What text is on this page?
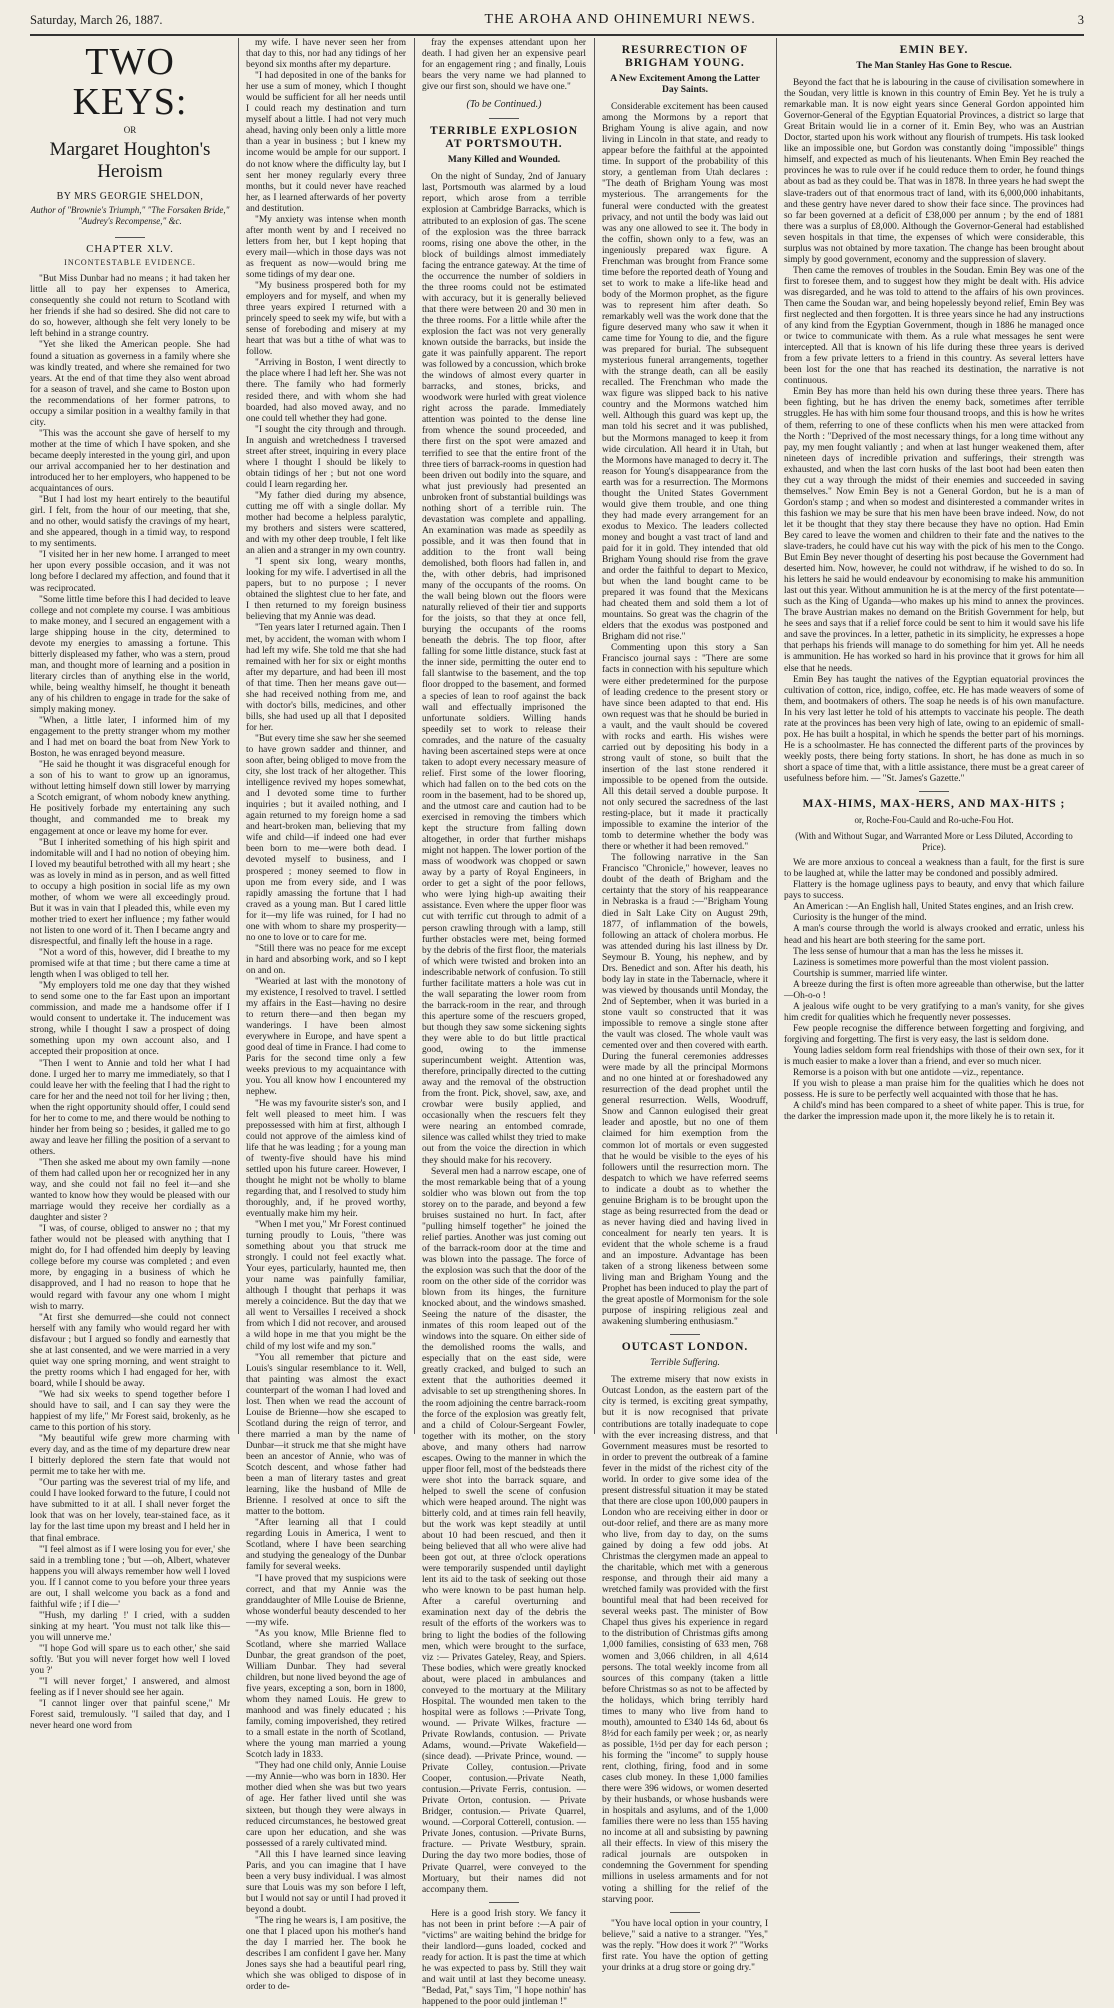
Saturday, March 26, 1887.	THE AROHA AND OHINEMURI NEWS.	3
TWO KEYS:
OR
Margaret Houghton's Heroism
BY MRS GEORGIE SHELDON,
Author of "Brownie's Triumph," "The Forsaken Bride," "Audrey's Recompense," &c.
CHAPTER XLV.
INCONTESTABLE EVIDENCE.

"But Miss Dunbar had no means ; it had taken her little all to pay her expenses to America, consequently she could not return to Scotland with her friends if she had so desired. She did not care to do so, however, although she felt very lonely to be left behind in a strange country.

"Yet she liked the American people. She had found a situation as governess in a family where she was kindly treated, and where she remained for two years. At the end of that time they also went abroad for a season of travel, and she came to Boston upon the recommendations of her former patrons, to occupy a similar position in a wealthy family in that city.

"This was the account she gave of herself to my mother at the time of which I have spoken, and she became deeply interested in the young girl, and upon our arrival accompanied her to her destination and introduced her to her employers, who happened to be acquaintances of ours.

"But I had lost my heart entirely to the beautiful girl. I felt, from the hour of our meeting, that she, and no other, would satisfy the cravings of my heart, and she appeared, though in a timid way, to respond to my sentiments.

"I visited her in her new home. I arranged to meet her upon every possible occasion, and it was not long before I declared my affection, and found that it was reciprocated.

"Some little time before this I had decided to leave college and not complete my course. I was ambitious to make money, and I secured an engagement with a large shipping house in the city, determined to devote my energies to amassing a fortune. This bitterly displeased my father, who was a stern, proud man, and thought more of learning and a position in literary circles than of anything else in the world, while, being wealthy himself, he thought it beneath any of his children to engage in trade for the sake of simply making money.

"When, a little later, I informed him of my engagement to the pretty stranger whom my mother and I had met on board the boat from New York to Boston, he was enraged beyond measure.

"He said he thought it was disgraceful enough for a son of his to want to grow up an ignoramus, without letting himself down still lower by marrying a Scotch emigrant, of whom nobody knew anything. He positively forbade my entertaining any such thought, and commanded me to break my engagement at once or leave my home for ever.

"But I inherited something of his high spirit and indomitable will and I had no notion of obeying him. I loved my beautiful betrothed with all my heart ; she was as lovely in mind as in person, and as well fitted to occupy a high position in social life as my own mother, of whom we were all exceedingly proud. But it was in vain that I pleaded this, while even my mother tried to exert her influence ; my father would not listen to one word of it. Then I became angry and disrespectful, and finally left the house in a rage.

"Not a word of this, however, did I breathe to my promised wife at that time ; but there came a time at length when I was obliged to tell her.

"My employers told me one day that they wished to send some one to the far East upon an important commission, and made me a handsome offer if I would consent to undertake it. The inducement was strong, while I thought I saw a prospect of doing something upon my own account also, and I accepted their proposition at once.

"Then I went to Annie and told her what I had done. I urged her to marry me immediately, so that I could leave her with the feeling that I had the right to care for her and the need not toil for her living ; then, when the right opportunity should offer, I could send for her to come to me, and there would be nothing to hinder her from being so ; besides, it galled me to go away and leave her filling the position of a servant to others.

"Then she asked me about my own family —none of them had called upon her or recognized her in any way, and she could not fail no feel it—and she wanted to know how they would be pleased with our marriage would they receive her cordially as a daughter and sister ?

"I was, of course, obliged to answer no ; that my father would not be pleased with anything that I might do, for I had offended him deeply by leaving college before my course was completed ; and even more, by engaging in a business of which he disapproved, and I had no reason to hope that he would regard with favour any one whom I might wish to marry.

"At first she demurred—she could not connect herself with any family who would regard her with disfavour ; but I argued so fondly and earnestly that she at last consented, and we were married in a very quiet way one spring morning, and went straight to the pretty rooms which I had engaged for her, with board, while I should be away.

"We had six weeks to spend together before I should have to sail, and I can say they were the happiest of my life," Mr Forest said, brokenly, as he came to this portion of his story.

"My beautiful wife grew more charming with every day, and as the time of my departure drew near I bitterly deplored the stern fate that would not permit me to take her with me.

"Our parting was the severest trial of my life, and could I have looked forward to the future, I could not have submitted to it at all. I shall never forget the look that was on her lovely, tear-stained face, as it lay for the last time upon my breast and I held her in that final embrace.

"'I feel almost as if I were losing you for ever,' she said in a trembling tone ; 'but —oh, Albert, whatever happens you will always remember how well I loved you. If I cannot come to you before your three years are out, I shall welcome you back as a fond and faithful wife ; if I die—'

"'Hush, my darling !' I cried, with a sudden sinking at my heart. 'You must not talk like this—you will unnerve me.'

"'I hope God will spare us to each other,' she said softly. 'But you will never forget how well I loved you ?'

"'I will never forget,' I answered, and almost feeling as if I never should see her again.

"I cannot linger over that painful scene," Mr Forest said, tremulously. "I sailed that day, and I never heard one word from

my wife. I have never seen her from that day to this, nor had any tidings of her beyond six months after my departure.

"I had deposited in one of the banks for her use a sum of money, which I thought would be sufficient for all her needs until I could reach my destination and turn myself about a little. I had not very much ahead, having only been only a little more than a year in business ; but I knew my income would be ample for our support. I do not know where the difficulty lay, but I sent her money regularly every three months, but it could never have reached her, as I learned afterwards of her poverty and destitution.

"My anxiety was intense when month after month went by and I received no letters from her, but I kept hoping that every mail—which in those days was not as frequent as now—would bring me some tidings of my dear one.

"My business prospered both for my employers and for myself, and when my three years expired I returned with a princely speed to seek my wife, but with a sense of foreboding and misery at my heart that was but a tithe of what was to follow.

"Arriving in Boston, I went directly to the place where I had left her. She was not there. The family who had formerly resided there, and with whom she had boarded, had also moved away, and no one could tell whether they had gone.

"I sought the city through and through. In anguish and wretchedness I traversed street after street, inquiring in every place where I thought I should be likely to obtain tidings of her ; but not one word could I learn regarding her.

"My father died during my absence, cutting me off with a single dollar. My mother had become a helpless paralytic, my brothers and sisters were scattered, and with my other deep trouble, I felt like an alien and a stranger in my own country.

"I spent six long, weary months, looking for my wife. I advertised in all the papers, but to no purpose ; I never obtained the slightest clue to her fate, and I then returned to my foreign business believing that my Annie was dead.

"Ten years later I returned again. Then I met, by accident, the woman with whom I had left my wife. She told me that she had remained with her for six or eight months after my departure, and had been ill most of that time. Then her means gave out—she had received nothing from me, and with doctor's bills, medicines, and other bills, she had used up all that I deposited for her.

"But every time she saw her she seemed to have grown sadder and thinner, and soon after, being obliged to move from the city, she lost track of her altogether. This intelligence revived my hopes somewhat, and I devoted some time to further inquiries ; but it availed nothing, and I again returned to my foreign home a sad and heart-broken man, believing that my wife and child—if indeed one had ever been born to me—were both dead. I devoted myself to business, and I prospered ; money seemed to flow in upon me from every side, and I was rapidly amassing the fortune that I had craved as a young man. But I cared little for it—my life was ruined, for I had no one with whom to share my prosperity—no one to love or to care for me.

"Still there was no peace for me except in hard and absorbing work, and so I kept on and on.

"Wearied at last with the monotony of my existence, I resolved to travel. I settled my affairs in the East—having no desire to return there—and then began my wanderings. I have been almost everywhere in Europe, and have spent a good deal of time in France. I had come to Paris for the second time only a few weeks previous to my acquaintance with you. You all know how I encountered my nephew.

"He was my favourite sister's son, and I felt well pleased to meet him. I was prepossessed with him at first, although I could not approve of the aimless kind of life that he was leading ; for a young man of twenty-five should have his mind settled upon his future career. However, I thought he might not be wholly to blame regarding that, and I resolved to study him thoroughly, and, if he proved worthy, eventually make him my heir.

"When I met you," Mr Forest continued turning proudly to Louis, "there was something about you that struck me strongly. I could not feel exactly what. Your eyes, particularly, haunted me, then your name was painfully familiar, although I thought that perhaps it was merely a coincidence. But the day that we all went to Versailles I received a shock from which I did not recover, and aroused a wild hope in me that you might be the child of my lost wife and my son."

"You all remember that picture and Louis's singular resemblance to it. Well, that painting was almost the exact counterpart of the woman I had loved and lost. Then when we read the account of Louise de Brienne—how she escaped to Scotland during the reign of terror, and there married a man by the name of Dunbar—it struck me that she might have been an ancestor of Annie, who was of Scotch descent, and whose father had been a man of literary tastes and great learning, like the husband of Mlle de Brienne. I resolved at once to sift the matter to the bottom.

"After learning all that I could regarding Louis in America, I went to Scotland, where I have been searching and studying the genealogy of the Dunbar family for several weeks.

"I have proved that my suspicions were correct, and that my Annie was the granddaughter of Mlle Louise de Brienne, whose wonderful beauty descended to her—my wife.

"As you know, Mlle Brienne fled to Scotland, where she married Wallace Dunbar, the great grandson of the poet, William Dunbar. They had several children, but none lived beyond the age of five years, excepting a son, born in 1800, whom they named Louis. He grew to manhood and was finely educated ; his family, coming impoverished, they retired to a small estate in the north of Scotland, where the young man married a young Scotch lady in 1833.

"They had one child only, Annie Louise —my Annie—who was born in 1830. Her mother died when she was but two years of age. Her father lived until she was sixteen, but though they were always in reduced circumstances, he bestowed great care upon her education, and she was possessed of a rarely cultivated mind.

"All this I have learned since leaving Paris, and you can imagine that I have been a very busy individual. I was almost sure that Louis was my son before I left, but I would not say or until I had proved it beyond a doubt.

"The ring he wears is, I am positive, the one that I placed upon his mother's hand the day I married her. The book he describes I am confident I gave her. Many Jones says she had a beautiful pearl ring, which she was obliged to dispose of in order to de-

fray the expenses attendant upon her death. I had given her an expensive pearl for an engagement ring ; and finally, Louis bears the very name we had planned to give our first son, should we have one."

(To be Continued.)
TERRIBLE EXPLOSION AT PORTSMOUTH.
Many Killed and Wounded.

On the night of Sunday, 2nd of January last, Portsmouth was alarmed by a loud report, which arose from a terrible explosion at Cambridge Barracks, which is attributed to an explosion of gas. The scene of the explosion was the three barrack rooms, rising one above the other, in the block of buildings almost immediately facing the entrance gateway. At the time of the occurrence the number of soldiers in the three rooms could not be estimated with accuracy, but it is generally believed that there were between 20 and 30 men in the three rooms. For a little while after the explosion the fact was not very generally known outside the barracks, but inside the gate it was painfully apparent. The report was followed by a concussion, which broke the windows of almost every quarter in barracks, and stones, bricks, and woodwork were hurled with great violence right across the parade. Immediately attention was pointed to the dense line from whence the sound proceeded, and there first on the spot were amazed and terrified to see that the entire front of the three tiers of barrack-rooms in question had been driven out bodily into the square, and what just previously had presented an unbroken front of substantial buildings was nothing short of a terrible ruin. The devastation was complete and appalling. An examination was made as speedily as possible, and it was then found that in addition to the front wall being demolished, both floors had fallen in, and the, with other debris, had imprisoned many of the occupants of the rooms. On the wall being blown out the floors were naturally relieved of their tier and supports for the joists, so that they at once fell, burying the occupants of the rooms beneath the debris. The top floor, after falling for some little distance, stuck fast at the inner side, permitting the outer end to fall slantwise to the basement, and the top floor dropped to the basement, and formed a species of lean to roof against the back wall and effectually imprisoned the unfortunate soldiers. Willing hands speedily set to work to release their comrades, and the nature of the casualty having been ascertained steps were at once taken to adopt every necessary measure of relief. First some of the lower flooring, which had fallen on to the bed cots on the room in the basement, had to be shored up, and the utmost care and caution had to be exercised in removing the timbers which kept the structure from falling down altogether, in order that further mishaps might not happen. The lower portion of the mass of woodwork was chopped or sawn away by a party of Royal Engineers, in order to get a sight of the poor fellows, who were lying high-up awaiting their assistance. Even where the upper floor was cut with terrific cut through to admit of a person crawling through with a lamp, still further obstacles were met, being formed by the debris of the first floor, the materials of which were twisted and broken into an indescribable network of confusion. To still further facilitate matters a hole was cut in the wall separating the lower room from the barrack-room in the rear, and through this aperture some of the rescuers groped, but though they saw some sickening sights they were able to do but little practical good, owing to the immense superincumbent weight. Attention was, therefore, principally directed to the cutting away and the removal of the obstruction from the front. Pick, shovel, saw, axe, and crowbar were busily applied, and occasionally when the rescuers felt they were nearing an entombed comrade, silence was called whilst they tried to make out from the voice the direction in which they should make for his recovery.

Several men had a narrow escape, one of the most remarkable being that of a young soldier who was blown out from the top storey on to the parade, and beyond a few bruises sustained no hurt. In fact, after "pulling himself together" he joined the relief parties. Another was just coming out of the barrack-room door at the time and was blown into the passage. The force of the explosion was such that the door of the room on the other side of the corridor was blown from its hinges, the furniture knocked about, and the windows smashed. Seeing the nature of the disaster, the inmates of this room leaped out of the windows into the square. On either side of the demolished rooms the walls, and especially that on the east side, were greatly cracked, and bulged to such an extent that the authorities deemed it advisable to set up strengthening shores. In the room adjoining the centre barrack-room the force of the explosion was greatly felt, and a child of Colour-Sergeant Fowler, together with its mother, on the story above, and many others had narrow escapes. Owing to the manner in which the upper floor fell, most of the bedsteads there were shot into the barrack square, and helped to swell the scene of confusion which were heaped around. The night was bitterly cold, and at times rain fell heavily, but the work was kept steadily at until about 10 had been rescued, and then it being believed that all who were alive had been got out, at three o'clock operations were temporarily suspended until daylight lent its aid to the task of seeking out those who were known to be past human help. After a careful overturning and examination next day of the debris the result of the efforts of the workers was to bring to light the bodies of the following men, which were brought to the surface, viz :— Privates Gateley, Reay, and Spiers. These bodies, which were greatly knocked about, were placed in ambulances and conveyed to the mortuary at the Military Hospital. The wounded men taken to the hospital were as follows :—Private Tong, wound. — Private Wilkes, fracture —Private Rowlands, contusion. — Private Adams, wound.—Private Wakefield—(since dead). —Private Prince, wound. —Private Colley, contusion.—Private Cooper, contusion.—Private Neath, contusion.—Private Ferris, contusion. —Private Orton, contusion. — Private Bridger, contusion.— Private Quarrel, wound. —Corporal Cotterell, contusion. — Private Jones, contusion. —Private Burns, fracture. — Private Westbury, sprain. During the day two more bodies, those of Private Quarrel, were conveyed to the Mortuary, but their names did not accompany them.

Here is a good Irish story. We fancy it has not been in print before :—A pair of "victims" are waiting behind the bridge for their landlord—guns loaded, cocked and ready for action. It is past the time at which he was expected to pass by. Still they wait and wait until at last they become uneasy. "Bedad, Pat," says Tim, "I hope nothin' has happened to the poor ould jintleman !"

RESURRECTION OF BRIGHAM YOUNG.
A New Excitement Among the Latter Day Saints.

Considerable excitement has been caused among the Mormons by a report that Brigham Young is alive again, and now living in Lincoln in that state, and ready to appear before the faithful at the appointed time. In support of the probability of this story, a gentleman from Utah declares : "The death of Brigham Young was most mysterious. The arrangements for the funeral were conducted with the greatest privacy, and not until the body was laid out was any one allowed to see it. The body in the coffin, shown only to a few, was an ingeniously prepared wax figure. A Frenchman was brought from France some time before the reported death of Young and set to work to make a life-like head and body of the Mormon prophet, as the figure was to represent him after death. So remarkably well was the work done that the figure deserved many who saw it when it came time for Young to die, and the figure was prepared for burial. The subsequent mysterious funeral arrangements, together with the strange death, can all be easily recalled. The Frenchman who made the wax figure was slipped back to his native country and the Mormons watched him well. Although this guard was kept up, the man told his secret and it was published, but the Mormons managed to keep it from wide circulation. All heard it in Utah, but the Mormons have managed to decry it. The reason for Young's disappearance from the earth was for a resurrection. The Mormons thought the United States Government would give them trouble, and one thing they had made every arrangement for an exodus to Mexico. The leaders collected money and bought a vast tract of land and paid for it in gold. They intended that old Brigham Young should rise from the grave and order the faithful to depart to Mexico, but when the land bought came to be prepared it was found that the Mexicans had cheated them and sold them a lot of mountains. So great was the chagrin of the elders that the exodus was postponed and Brigham did not rise."

Commenting upon this story a San Francisco journal says : "There are some facts in connection with his sepulture which were either predetermined for the purpose of leading credence to the present story or have since been adapted to that end. His own request was that he should be buried in a vault, and the vault should be covered with rocks and earth. His wishes were carried out by depositing his body in a strong vault of stone, so built that the insertion of the last stone rendered it impossible to be opened from the outside. All this detail served a double purpose. It not only secured the sacredness of the last resting-place, but it made it practically impossible to examine the interior of the tomb to determine whether the body was there or whether it had been removed."

The following narrative in the San Francisco "Chronicle," however, leaves no doubt of the death of Brigham and the certainty that the story of his reappearance in Nebraska is a fraud :—"Brigham Young died in Salt Lake City on August 29th, 1877, of inflammation of the bowels, following an attack of cholera morbus. He was attended during his last illness by Dr. Seymour B. Young, his nephew, and by Drs. Benedict and son. After his death, his body lay in state in the Tabernacle, where it was viewed by thousands until Monday, the 2nd of September, when it was buried in a stone vault so constructed that it was impossible to remove a single stone after the vault was closed. The whole vault was cemented over and then covered with earth. During the funeral ceremonies addresses were made by all the principal Mormons and no one hinted at or foreshadowed any resurrection of the dead prophet until the general resurrection. Wells, Woodruff, Snow and Cannon eulogised their great leader and apostle, but no one of them claimed for him exemption from the common lot of mortals or even suggested that he would be visible to the eyes of his followers until the resurrection morn. The despatch to which we have referred seems to indicate a doubt as to whether the genuine Brigham is to be brought upon the stage as being resurrected from the dead or as never having died and having lived in concealment for nearly ten years. It is evident that the whole scheme is a fraud and an imposture. Advantage has been taken of a strong likeness between some living man and Brigham Young and the Prophet has been induced to play the part of the great apostle of Mormonism for the sole purpose of inspiring religious zeal and awakening slumbering enthusiasm."

OUTCAST LONDON.
Terrible Suffering.

The extreme misery that now exists in Outcast London, as the eastern part of the city is termed, is exciting great sympathy, but it is now recognised that private contributions are totally inadequate to cope with the ever increasing distress, and that Government measures must be resorted to in order to prevent the outbreak of a famine fever in the midst of the richest city of the world. In order to give some idea of the present distressful situation it may be stated that there are close upon 100,000 paupers in London who are receiving either in door or out-door relief, and there are as many more who live, from day to day, on the sums gained by doing a few odd jobs. At Christmas the clergymen made an appeal to the charitable, which met with a generous response, and through their aid many a wretched family was provided with the first bountiful meal that had been received for several weeks past. The minister of Bow Chapel thus gives his experience in regard to the distribution of Christmas gifts among 1,000 families, consisting of 633 men, 768 women and 3,066 children, in all 4,614 persons. The total weekly income from all sources of this company (taken a little before Christmas so as not to be affected by the holidays, which bring terribly hard times to many who live from hand to mouth), amounted to £340 14s 6d, about 6s 8½d for each family per week ; or, as nearly as possible, 1½d per day for each person ; his forming the "income" to supply house rent, clothing, firing, food and in some cases club money. In these 1,000 families there were 396 widows, or women deserted by their husbands, or whose husbands were in hospitals and asylums, and of the 1,000 families there were no less than 155 having no income at all and subsisting by pawning all their effects. In view of this misery the radical journals are outspoken in condemning the Government for spending millions in useless armaments and for not voting a shilling for the relief of the starving poor.

"You have local option in your country, I believe," said a native to a stranger. "Yes," was the reply. "How does it work ?" "Works first rate. You have the option of getting your drinks at a drug store or going dry."

EMIN BEY.
The Man Stanley Has Gone to Rescue.

Beyond the fact that he is labouring in the cause of civilisation somewhere in the Soudan, very little is known in this country of Emin Bey. Yet he is truly a remarkable man. It is now eight years since General Gordon appointed him Governor-General of the Egyptian Equatorial Provinces, a district so large that Great Britain would lie in a corner of it. Emin Bey, who was an Austrian Doctor, started upon his work without any flourish of trumpets. His task looked like an impossible one, but Gordon was constantly doing "impossible" things himself, and expected as much of his lieutenants. When Emin Bey reached the provinces he was to rule over if he could reduce them to order, he found things about as bad as they could be. That was in 1878. In three years he had swept the slave-traders out of that enormous tract of land, with its 6,000,000 inhabitants, and these gentry have never dared to show their face since. The provinces had so far been governed at a deficit of £38,000 per annum ; by the end of 1881 there was a surplus of £8,000. Although the Governor-General had established seven hospitals in that time, the expenses of which were considerable, this surplus was not obtained by more taxation. The change has been brought about simply by good government, economy and the suppression of slavery.

Then came the removes of troubles in the Soudan. Emin Bey was one of the first to foresee them, and to suggest how they might be dealt with. His advice was disregarded, and he was told to attend to the affairs of his own provinces. Then came the Soudan war, and being hopelessly beyond relief, Emin Bey was first neglected and then forgotten. It is three years since he had any instructions of any kind from the Egyptian Government, though in 1886 he managed once or twice to communicate with them. As a rule what messages he sent were intercepted. All that is known of his life during these three years is derived from a few private letters to a friend in this country. As several letters have been lost for the one that has reached its destination, the narrative is not continuous.

Emin Bey has more than held his own during these three years. There has been fighting, but he has driven the enemy back, sometimes after terrible struggles. He has with him some four thousand troops, and this is how he writes of them, referring to one of these conflicts when his men were attacked from the North : "Deprived of the most necessary things, for a long time without any pay, my men fought valiantly ; and when at last hunger weakened them, after nineteen days of incredible privation and sufferings, their strength was exhausted, and when the last corn husks of the last boot had been eaten then they cut a way through the midst of their enemies and succeeded in saving themselves." Now Emin Bey is not a General Gordon, but he is a man of Gordon's stamp ; and when so modest and disinterested a commander writes in this fashion we may be sure that his men have been brave indeed. Now, do not let it be thought that they stay there because they have no option. Had Emin Bey cared to leave the women and children to their fate and the natives to the slave-traders, he could have cut his way with the pick of his men to the Congo. But Emin Bey never thought of deserting his post because the Government had deserted him. Now, however, he could not withdraw, if he wished to do so. In his letters he said he would endeavour by economising to make his ammunition last out this year. Without ammunition he is at the mercy of the first potentate—such as the King of Uganda—who makes up his mind to annex the provinces. The brave Austrian makes no demand on the British Government for help, but he sees and says that if a relief force could be sent to him it would save his life and save the provinces. In a letter, pathetic in its simplicity, he expresses a hope that perhaps his friends will manage to do something for him yet. All he needs is ammunition. He has worked so hard in his province that it grows for him all else that he needs.

Emin Bey has taught the natives of the Egyptian equatorial provinces the cultivation of cotton, rice, indigo, coffee, etc. He has made weavers of some of them, and bootmakers of others. The soap he needs is of his own manufacture. In his very last letter he told of his attempts to vaccinate his people. The death rate at the provinces has been very high of late, owing to an epidemic of small-pox. He has built a hospital, in which he spends the better part of his mornings. He is a schoolmaster. He has connected the different parts of the provinces by weekly posts, there being forty stations. In short, he has done as much in so short a space of time that, with a little assistance, there must be a great career of usefulness before him. — "St. James's Gazette."

MAX-HIMS, MAX-HERS, AND MAX-HITS ;
or, Roche-Fou-Cauld and Ro-uche-Fou Hot.
(With and Without Sugar, and Warranted More or Less Diluted, According to Price).

We are more anxious to conceal a weakness than a fault, for the first is sure to be laughed at, while the latter may be condoned and possibly admired.

Flattery is the homage ugliness pays to beauty, and envy that which failure pays to success.

An American :—An English hall, United States engines, and an Irish crew.

Curiosity is the hunger of the mind.

A man's course through the world is always crooked and erratic, unless his head and his heart are both steering for the same port.

The less sense of humour that a man has the less he misses it.

Laziness is sometimes more powerful than the most violent passion.

Courtship is summer, married life winter.

A breeze during the first is often more agreeable than otherwise, but the latter—Oh-o-o !

A jealous wife ought to be very gratifying to a man's vanity, for she gives him credit for qualities which he frequently never possesses.

Few people recognise the difference between forgetting and forgiving, and forgiving and forgetting. The first is very easy, the last is seldom done.

Young ladies seldom form real friendships with those of their own sex, for it is much easier to make a lover than a friend, and ever so much nicer.

Remorse is a poison with but one antidote —viz., repentance.

If you wish to please a man praise him for the qualities which he does not possess. He is sure to be perfectly well acquainted with those that he has.

A child's mind has been compared to a sheet of white paper. This is true, for the darker the impression made upon it, the more likely he is to retain it.
